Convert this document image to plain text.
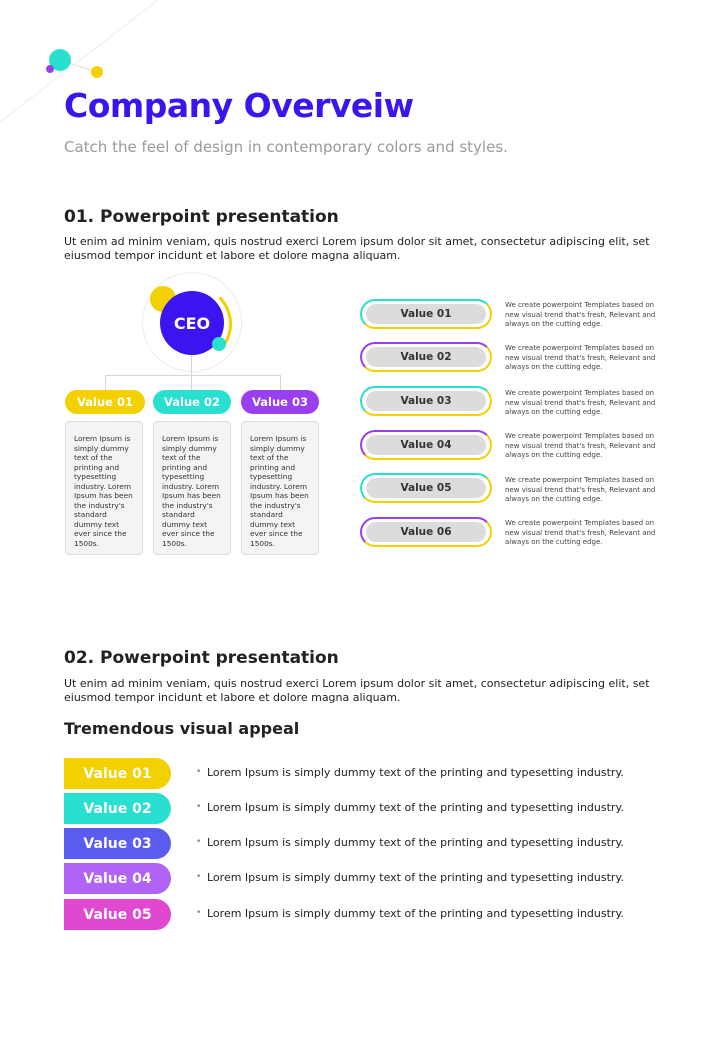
Company Overveiw

Catch the feel of design in contemporary colors and styles.

01. Powerpoint presentation

Ut enim ad minim veniam, quis nostrud exerci Lorem ipsum dolor sit amet, consectetur adipiscing elit, set eiusmod tempor incidunt et labore et dolore magna aliquam.

CEO
Value 01	Value 02	Value 03
Lorem Ipsum is simply dummy text of the printing and typesetting industry. Lorem Ipsum has been the industry's standard dummy text ever since the 1500s.
Lorem Ipsum is simply dummy text of the printing and typesetting industry. Lorem Ipsum has been the industry's standard dummy text ever since the 1500s.
Lorem Ipsum is simply dummy text of the printing and typesetting industry. Lorem Ipsum has been the industry's standard dummy text ever since the 1500s.
Value 01

We create powerpoint Templates based on new visual trend that's fresh, Relevant and always on the cutting edge.

Value 02

We create powerpoint Templates based on new visual trend that's fresh, Relevant and always on the cutting edge.

Value 03

We create powerpoint Templates based on new visual trend that's fresh, Relevant and always on the cutting edge.

Value 04

We create powerpoint Templates based on new visual trend that's fresh, Relevant and always on the cutting edge.

Value 05

We create powerpoint Templates based on new visual trend that's fresh, Relevant and always on the cutting edge.

Value 06

We create powerpoint Templates based on new visual trend that's fresh, Relevant and always on the cutting edge.

02. Powerpoint presentation

Ut enim ad minim veniam, quis nostrud exerci Lorem ipsum dolor sit amet, consectetur adipiscing elit, set eiusmod tempor incidunt et labore et dolore magna aliquam.

Tremendous visual appeal
Value 01	• Lorem Ipsum is simply dummy text of the printing and typesetting industry.

Value 02	• Lorem Ipsum is simply dummy text of the printing and typesetting industry.

Value 03	• Lorem Ipsum is simply dummy text of the printing and typesetting industry.

Value 04	• Lorem Ipsum is simply dummy text of the printing and typesetting industry.

Value 05	• Lorem Ipsum is simply dummy text of the printing and typesetting industry.
